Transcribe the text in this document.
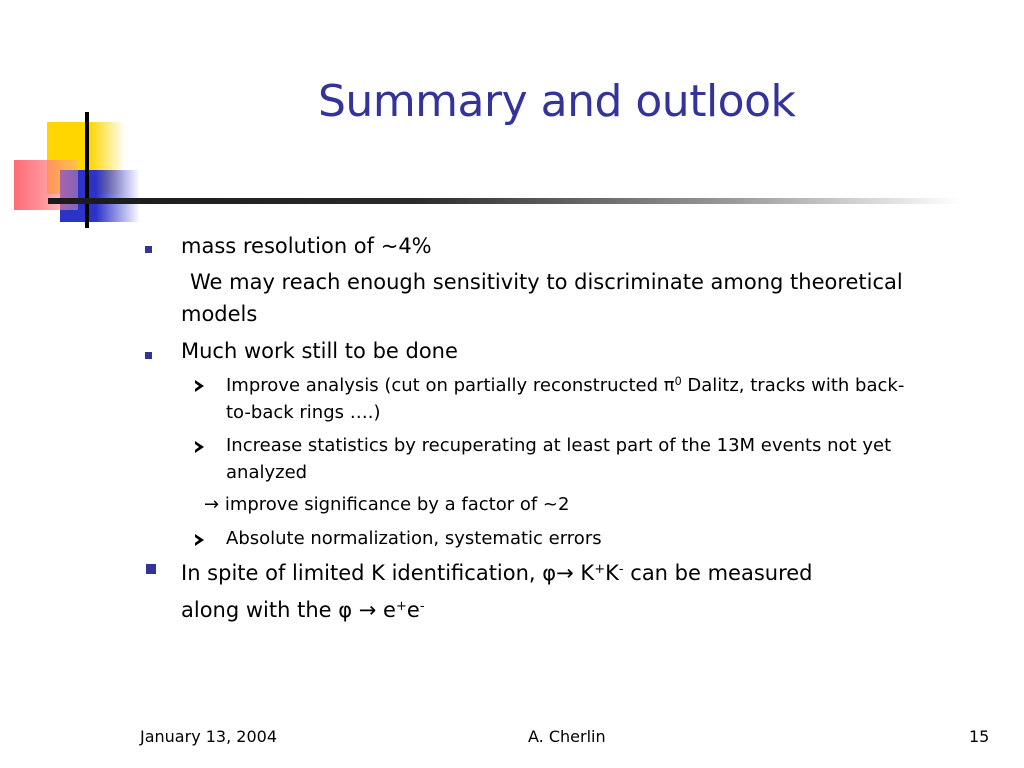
Summary and outlook
mass resolution of ~4%
We may reach enough sensitivity to discriminate among theoretical
models
Much work still to be done
Improve analysis (cut on partially reconstructed $\pi^0$ Dalitz, tracks with back-
to-back rings ….)
Increase statistics by recuperating at least part of the 13M events not yet
analyzed
→ improve significance by a factor of ~2
Absolute normalization, systematic errors
In spite of limited K identification, φ→ K+K- can be measured
along with the φ → e+e-
January 13, 2004	A. Cherlin	15
